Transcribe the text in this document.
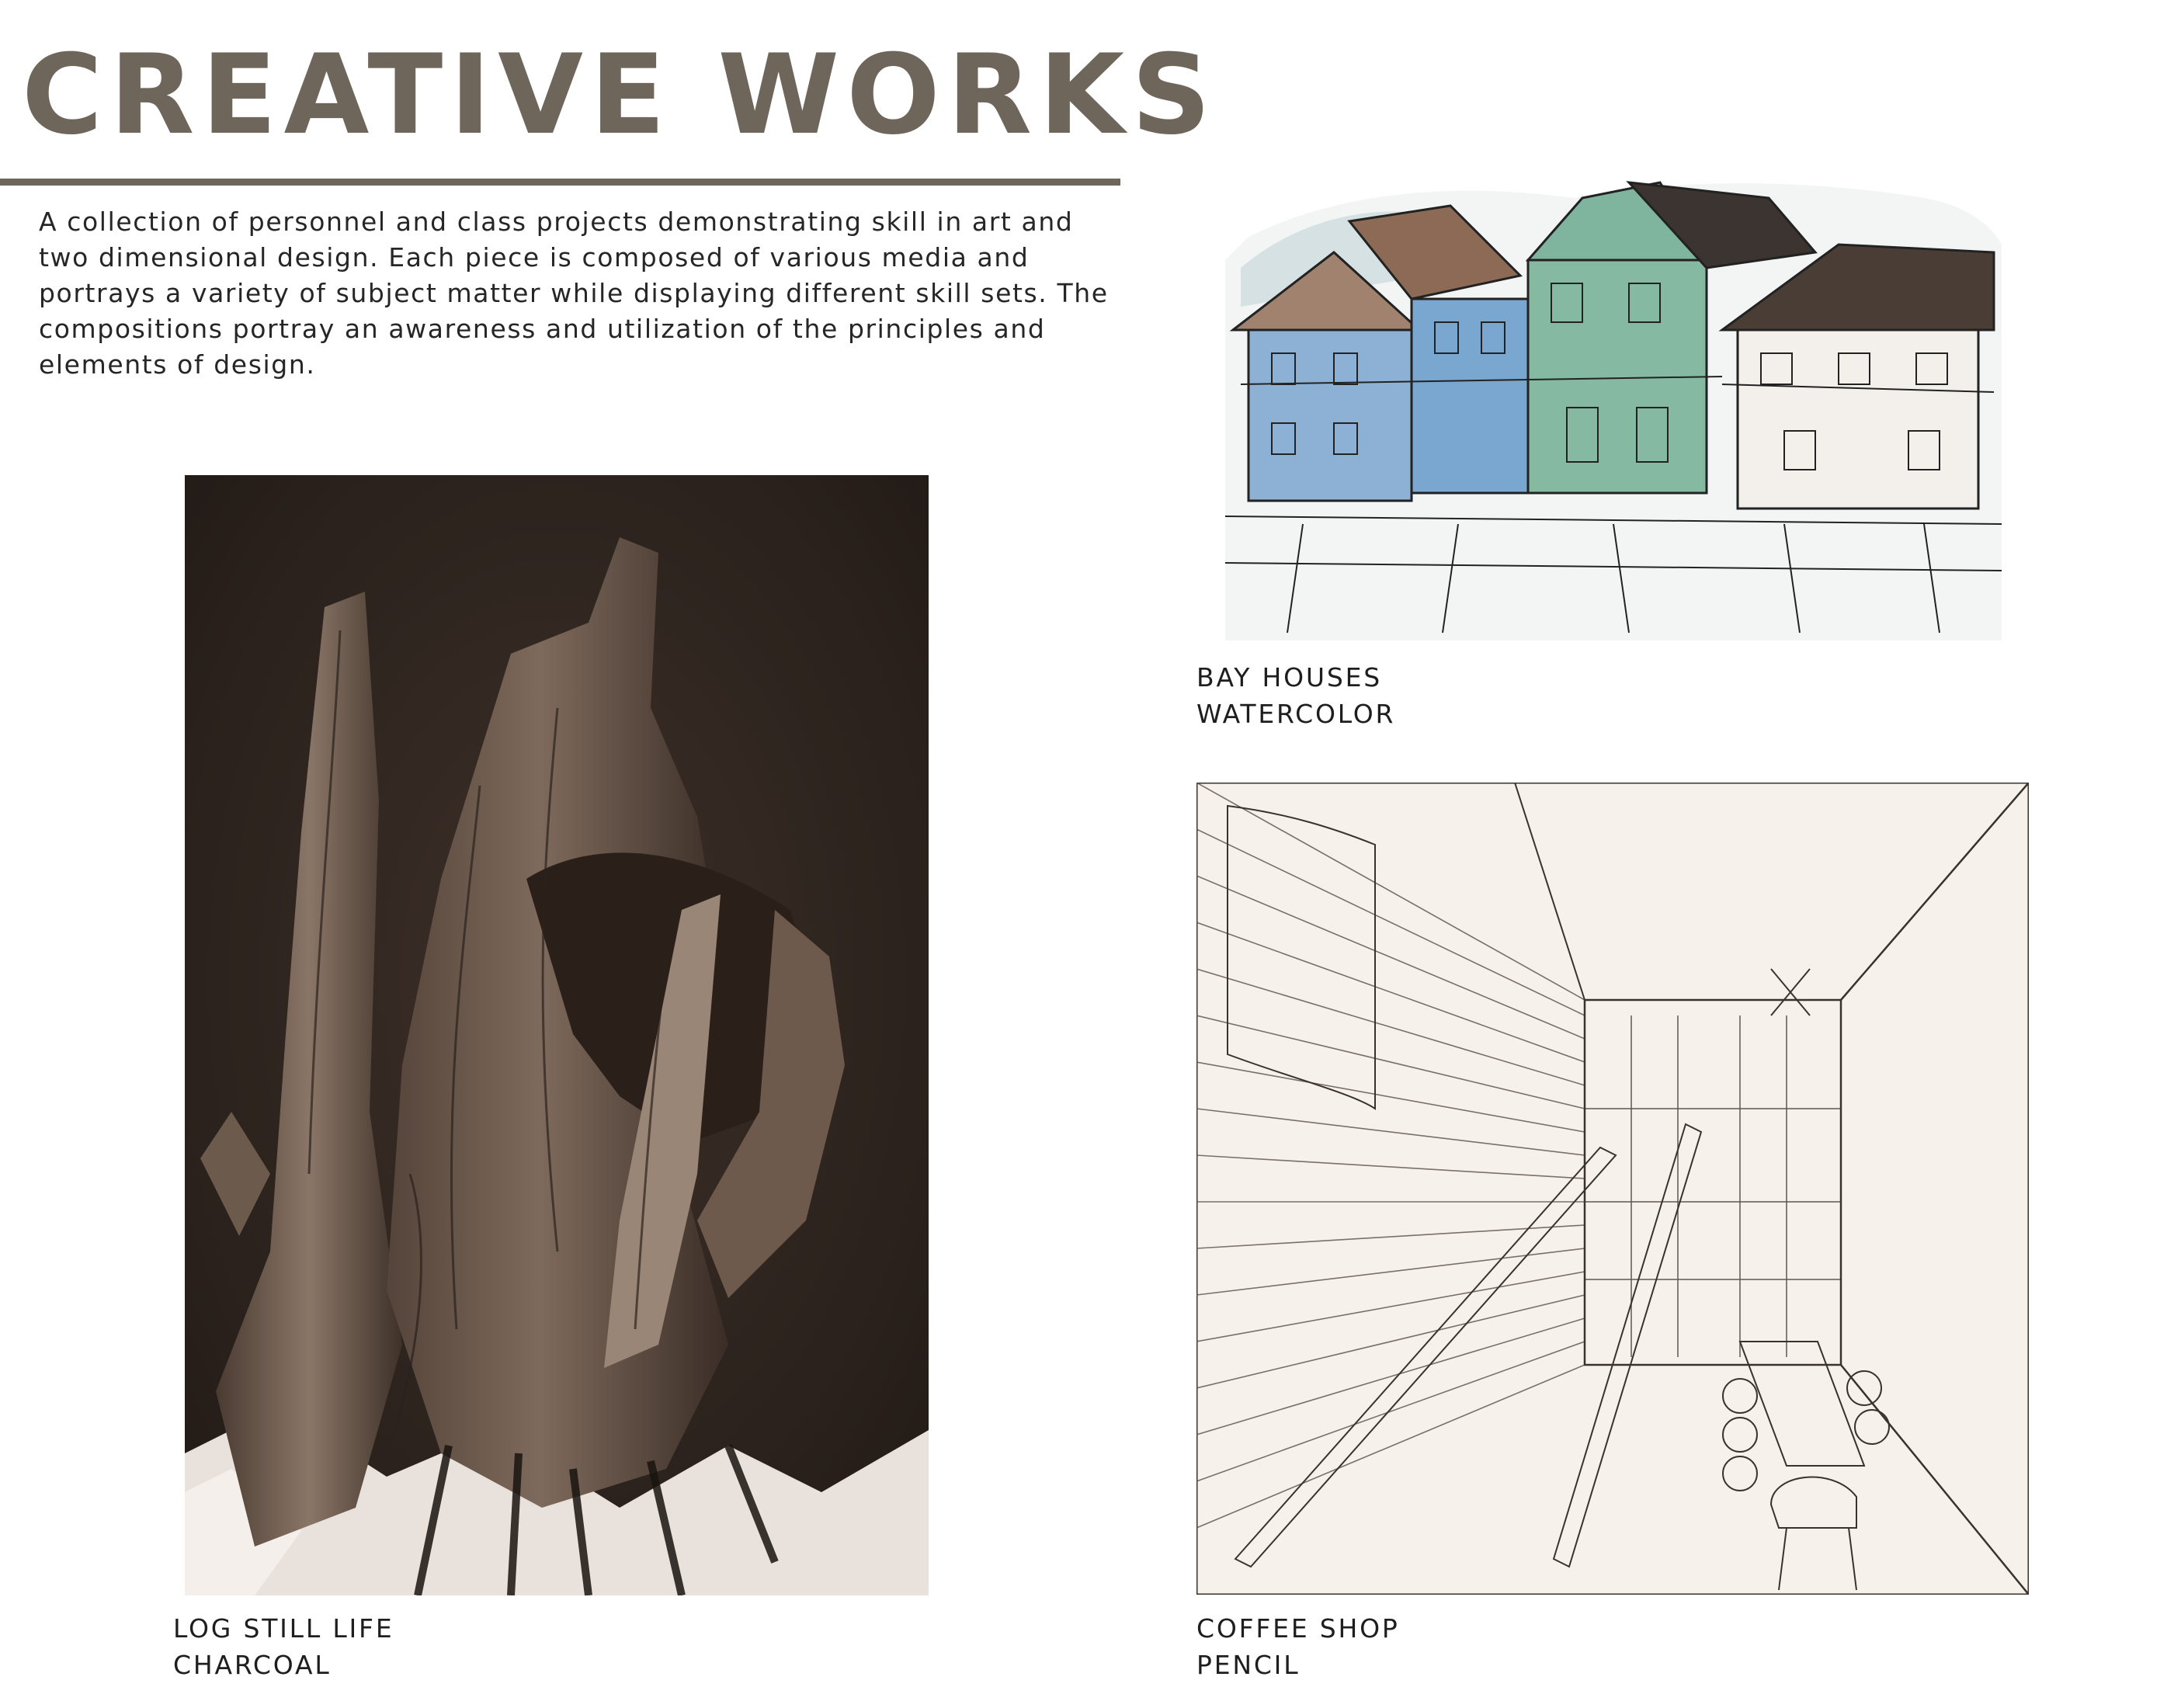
CREATIVE WORKS

A collection of personnel and class projects demonstrating skill in art and two dimensional design. Each piece is composed of various media and portrays a variety of subject matter while displaying different skill sets. The compositions portray an awareness and utilization of the principles and elements of design.

LOG STILL LIFE
CHARCOAL
BAY HOUSES
WATERCOLOR
COFFEE SHOP
PENCIL
